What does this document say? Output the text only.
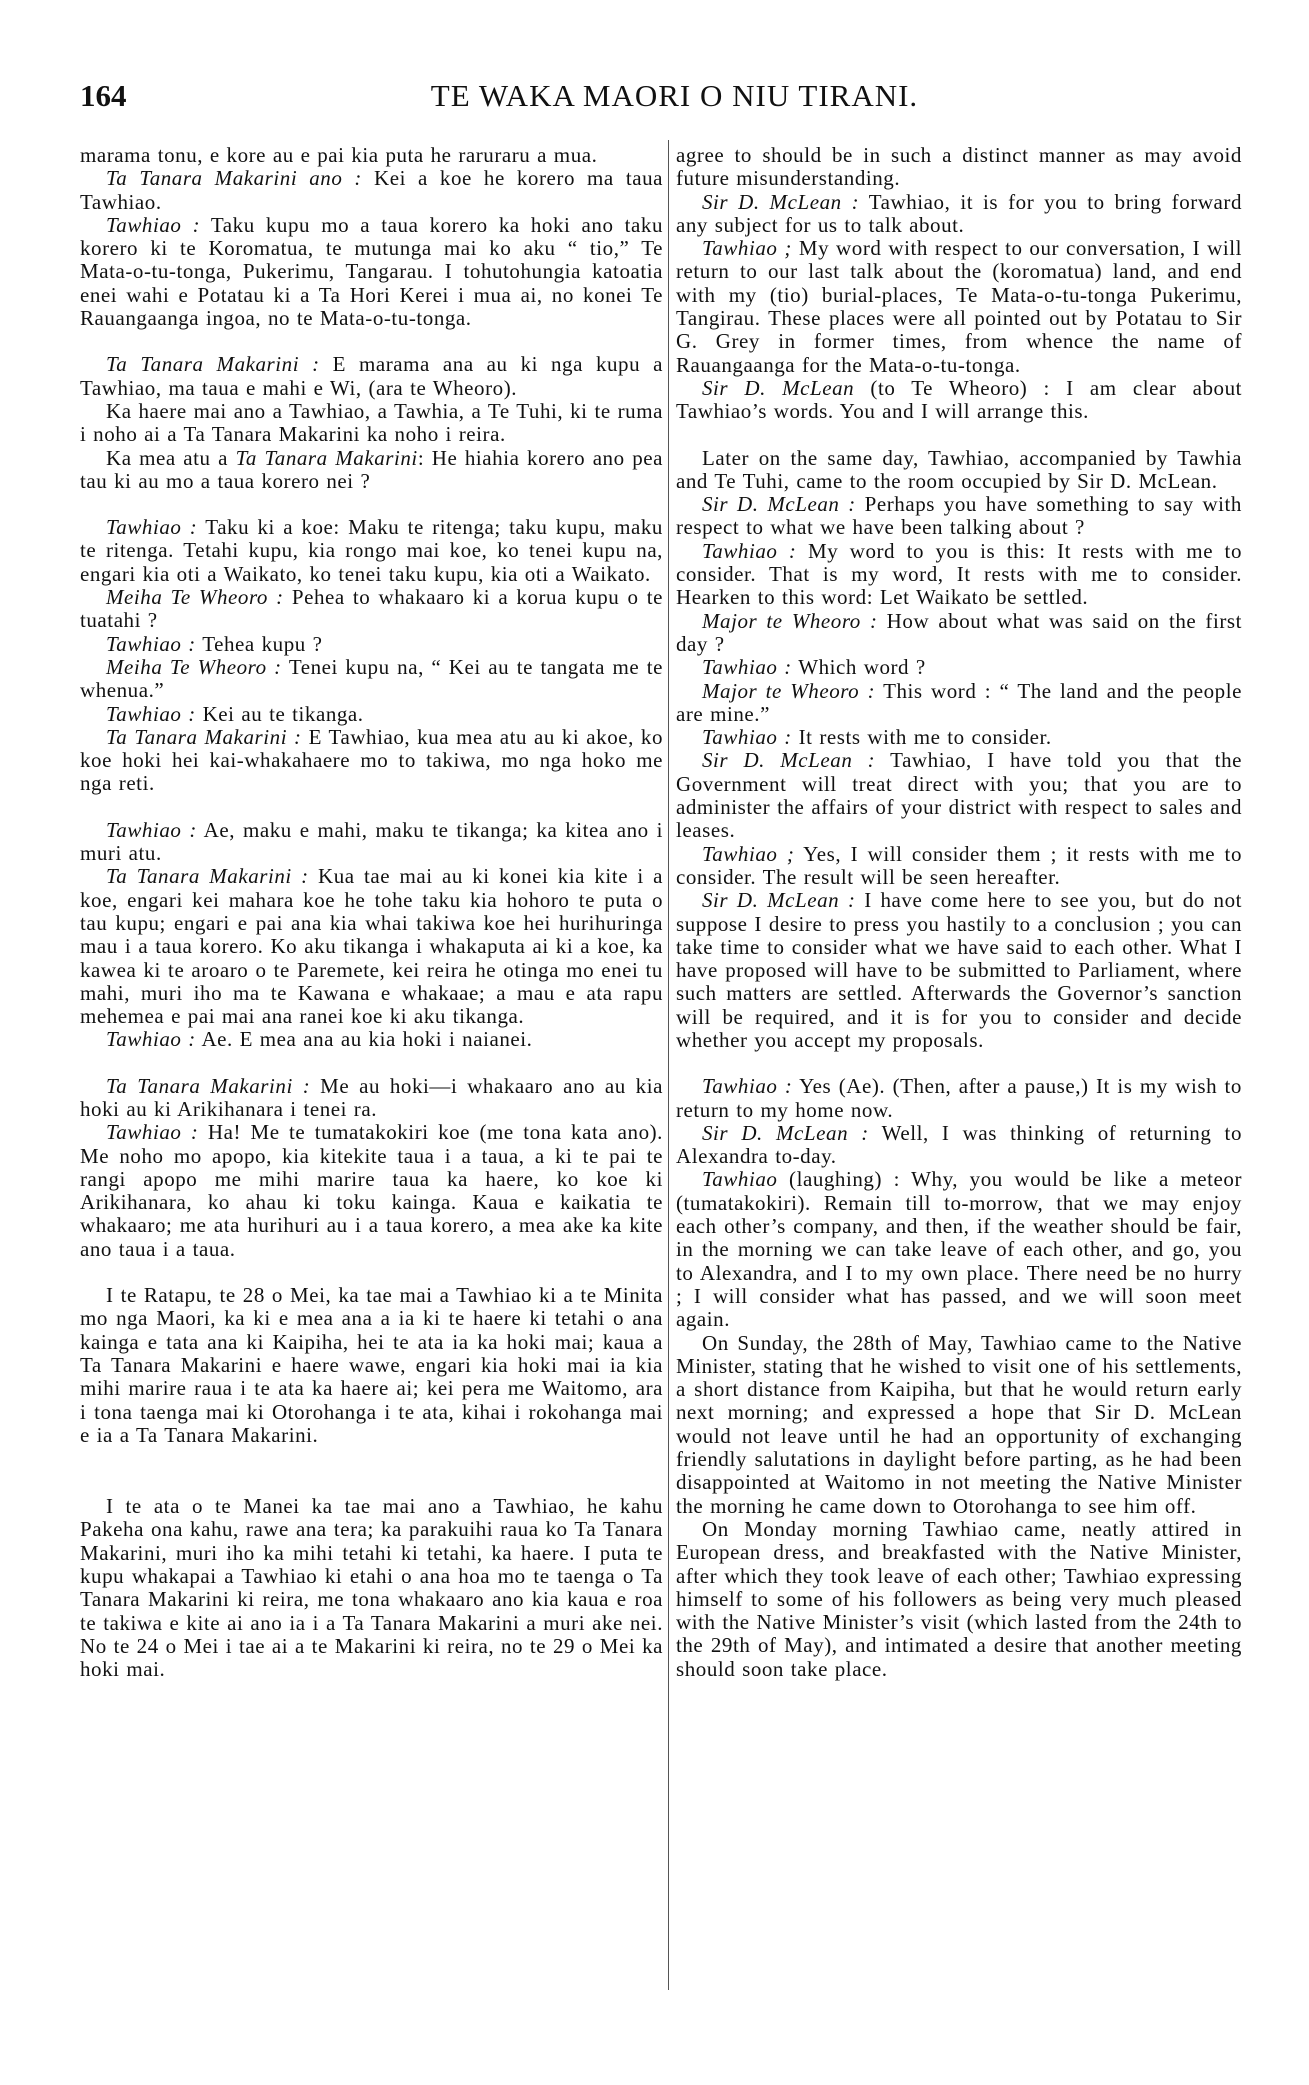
164	TE WAKA MAORI O NIU TIRANI.

marama tonu, e kore au e pai kia puta he raruraru a mua.

Ta Tanara Makarini ano : Kei a koe he korero ma taua Tawhiao.

Tawhiao : Taku kupu mo a taua korero ka hoki ano taku korero ki te Koromatua, te mutunga mai ko aku “ tio,” Te Mata-o-tu-tonga, Pukerimu, Tangarau. I tohutohungia katoatia enei wahi e Potatau ki a Ta Hori Kerei i mua ai, no konei Te Rauangaanga ingoa, no te Mata-o-tu-tonga.

Ta Tanara Makarini : E marama ana au ki nga kupu a Tawhiao, ma taua e mahi e Wi, (ara te Wheoro).

Ka haere mai ano a Tawhiao, a Tawhia, a Te Tuhi, ki te ruma i noho ai a Ta Tanara Makarini ka noho i reira.

Ka mea atu a Ta Tanara Makarini: He hiahia korero ano pea tau ki au mo a taua korero nei ?

Tawhiao : Taku ki a koe: Maku te ritenga; taku kupu, maku te ritenga. Tetahi kupu, kia rongo mai koe, ko tenei kupu na, engari kia oti a Waikato, ko tenei taku kupu, kia oti a Waikato.

Meiha Te Wheoro : Pehea to whakaaro ki a korua kupu o te tuatahi ?

Tawhiao : Tehea kupu ?

Meiha Te Wheoro : Tenei kupu na, “ Kei au te tangata me te whenua.”

Tawhiao : Kei au te tikanga.

Ta Tanara Makarini : E Tawhiao, kua mea atu au ki akoe, ko koe hoki hei kai-whakahaere mo to takiwa, mo nga hoko me nga reti.

Tawhiao : Ae, maku e mahi, maku te tikanga; ka kitea ano i muri atu.

Ta Tanara Makarini : Kua tae mai au ki konei kia kite i a koe, engari kei mahara koe he tohe taku kia hohoro te puta o tau kupu; engari e pai ana kia whai takiwa koe hei hurihuringa mau i a taua korero. Ko aku tikanga i whakaputa ai ki a koe, ka kawea ki te aroaro o te Paremete, kei reira he otinga mo enei tu mahi, muri iho ma te Kawana e whakaae; a mau e ata rapu mehemea e pai mai ana ranei koe ki aku tikanga.

Tawhiao : Ae. E mea ana au kia hoki i naianei.

Ta Tanara Makarini : Me au hoki—i whakaaro ano au kia hoki au ki Arikihanara i tenei ra.

Tawhiao : Ha! Me te tumatakokiri koe (me tona kata ano). Me noho mo apopo, kia kitekite taua i a taua, a ki te pai te rangi apopo me mihi marire taua ka haere, ko koe ki Arikihanara, ko ahau ki toku kainga. Kaua e kaikatia te whakaaro; me ata hurihuri au i a taua korero, a mea ake ka kite ano taua i a taua.

I te Ratapu, te 28 o Mei, ka tae mai a Tawhiao ki a te Minita mo nga Maori, ka ki e mea ana a ia ki te haere ki tetahi o ana kainga e tata ana ki Kaipiha, hei te ata ia ka hoki mai; kaua a Ta Tanara Makarini e haere wawe, engari kia hoki mai ia kia mihi marire raua i te ata ka haere ai; kei pera me Waitomo, ara i tona taenga mai ki Otorohanga i te ata, kihai i rokohanga mai e ia a Ta Tanara Makarini.

I te ata o te Manei ka tae mai ano a Tawhiao, he kahu Pakeha ona kahu, rawe ana tera; ka parakuihi raua ko Ta Tanara Makarini, muri iho ka mihi tetahi ki tetahi, ka haere. I puta te kupu whakapai a Tawhiao ki etahi o ana hoa mo te taenga o Ta Tanara Makarini ki reira, me tona whakaaro ano kia kaua e roa te takiwa e kite ai ano ia i a Ta Tanara Makarini a muri ake nei. No te 24 o Mei i tae ai a te Makarini ki reira, no te 29 o Mei ka hoki mai.

agree to should be in such a distinct manner as may avoid future misunderstanding.

Sir D. McLean : Tawhiao, it is for you to bring forward any subject for us to talk about.

Tawhiao ; My word with respect to our conversation, I will return to our last talk about the (koromatua) land, and end with my (tio) burial-places, Te Mata-o-tu-tonga Pukerimu, Tangirau. These places were all pointed out by Potatau to Sir G. Grey in former times, from whence the name of Rauangaanga for the Mata-o-tu-tonga.

Sir D. McLean (to Te Wheoro) : I am clear about Tawhiao’s words. You and I will arrange this.

Later on the same day, Tawhiao, accompanied by Tawhia and Te Tuhi, came to the room occupied by Sir D. McLean.

Sir D. McLean : Perhaps you have something to say with respect to what we have been talking about ?

Tawhiao : My word to you is this: It rests with me to consider. That is my word, It rests with me to consider. Hearken to this word: Let Waikato be settled.

Major te Wheoro : How about what was said on the first day ?

Tawhiao : Which word ?

Major te Wheoro : This word : “ The land and the people are mine.”

Tawhiao : It rests with me to consider.

Sir D. McLean : Tawhiao, I have told you that the Government will treat direct with you; that you are to administer the affairs of your district with respect to sales and leases.

Tawhiao ; Yes, I will consider them ; it rests with me to consider. The result will be seen hereafter.

Sir D. McLean : I have come here to see you, but do not suppose I desire to press you hastily to a conclusion ; you can take time to consider what we have said to each other. What I have proposed will have to be submitted to Parliament, where such matters are settled. Afterwards the Governor’s sanction will be required, and it is for you to consider and decide whether you accept my proposals.

Tawhiao : Yes (Ae). (Then, after a pause,) It is my wish to return to my home now.

Sir D. McLean : Well, I was thinking of returning to Alexandra to-day.

Tawhiao (laughing) : Why, you would be like a meteor (tumatakokiri). Remain till to-morrow, that we may enjoy each other’s company, and then, if the weather should be fair, in the morning we can take leave of each other, and go, you to Alexandra, and I to my own place. There need be no hurry ; I will consider what has passed, and we will soon meet again.

On Sunday, the 28th of May, Tawhiao came to the Native Minister, stating that he wished to visit one of his settlements, a short distance from Kaipiha, but that he would return early next morning; and expressed a hope that Sir D. McLean would not leave until he had an opportunity of exchanging friendly salutations in daylight before parting, as he had been disappointed at Waitomo in not meeting the Native Minister the morning he came down to Otorohanga to see him off.

On Monday morning Tawhiao came, neatly attired in European dress, and breakfasted with the Native Minister, after which they took leave of each other; Tawhiao expressing himself to some of his followers as being very much pleased with the Native Minister’s visit (which lasted from the 24th to the 29th of May), and intimated a desire that another meeting should soon take place.
